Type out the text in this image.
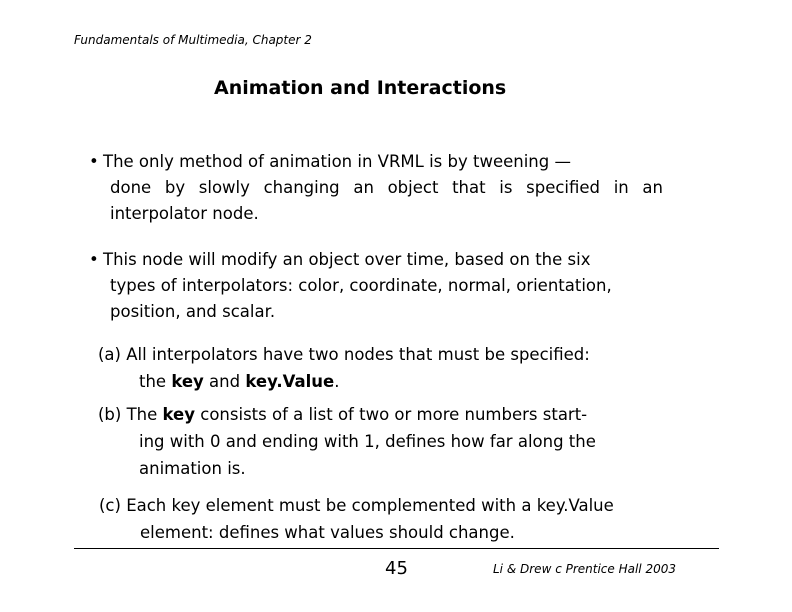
Fundamentals of Multimedia, Chapter 2
Animation and Interactions
• The only method of animation in VRML is by tweening —
done by slowly changing an object that is specified in an
interpolator node.
• This node will modify an object over time, based on the six
types of interpolators: color, coordinate, normal, orientation,
position, and scalar.
(a) All interpolators have two nodes that must be specified:
the key and key.Value.
(b) The key consists of a list of two or more numbers start-
ing with 0 and ending with 1, defines how far along the
animation is.
(c) Each key element must be complemented with a key.Value
element: defines what values should change.
45	Li & Drew c Prentice Hall 2003
